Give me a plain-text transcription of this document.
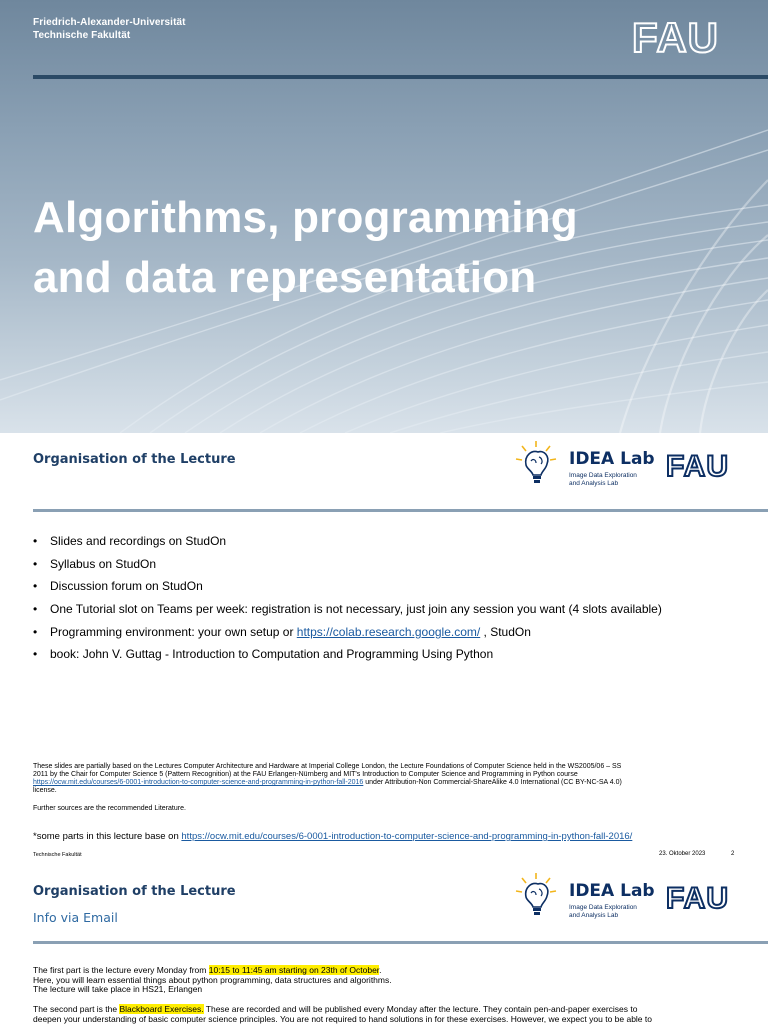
Friedrich-Alexander-Universität
Technische Fakultät	FAU
Algorithms, programming
and data representation
Organisation of the Lecture	IDEA Lab
Image Data Exploration
and Analysis Lab
FAU
• Slides and recordings on StudOn
• Syllabus on StudOn
• Discussion forum on StudOn
• One Tutorial slot on Teams per week: registration is not necessary, just join any session you want (4 slots available)
• Programming environment: your own setup or https://colab.research.google.com/ , StudOn
• book: John V. Guttag - Introduction to Computation and Programming Using Python
These slides are partially based on the Lectures Computer Architecture and Hardware at Imperial College London, the Lecture Foundations of Computer Science held in the WS2005/06 – SS
2011 by the Chair for Computer Science 5 (Pattern Recognition) at the FAU Erlangen-Nürnberg and MIT's Introduction to Computer Science and Programming in Python course
https://ocw.mit.edu/courses/6-0001-introduction-to-computer-science-and-programming-in-python-fall-2016 under Attribution-Non Commercial-ShareAlike 4.0 International (CC BY-NC-SA 4.0)
license.
Further sources are the recommended Literature.
*some parts in this lecture base on https://ocw.mit.edu/courses/6-0001-introduction-to-computer-science-and-programming-in-python-fall-2016/
Technische Fakultät	23. Oktober 2023	2
Organisation of the Lecture
Info via Email
IDEA Lab
Image Data Exploration
and Analysis Lab
FAU
The first part is the lecture every Monday from 10:15 to 11:45 am starting on 23th of October.
Here, you will learn essential things about python programming, data structures and algorithms.
The lecture will take place in HS21, Erlangen
The second part is the Blackboard Exercises. These are recorded and will be published every Monday after the lecture. They contain pen-and-paper exercises to
deepen your understanding of basic computer science principles. You are not required to hand solutions in for these exercises. However, we expect you to be able to
